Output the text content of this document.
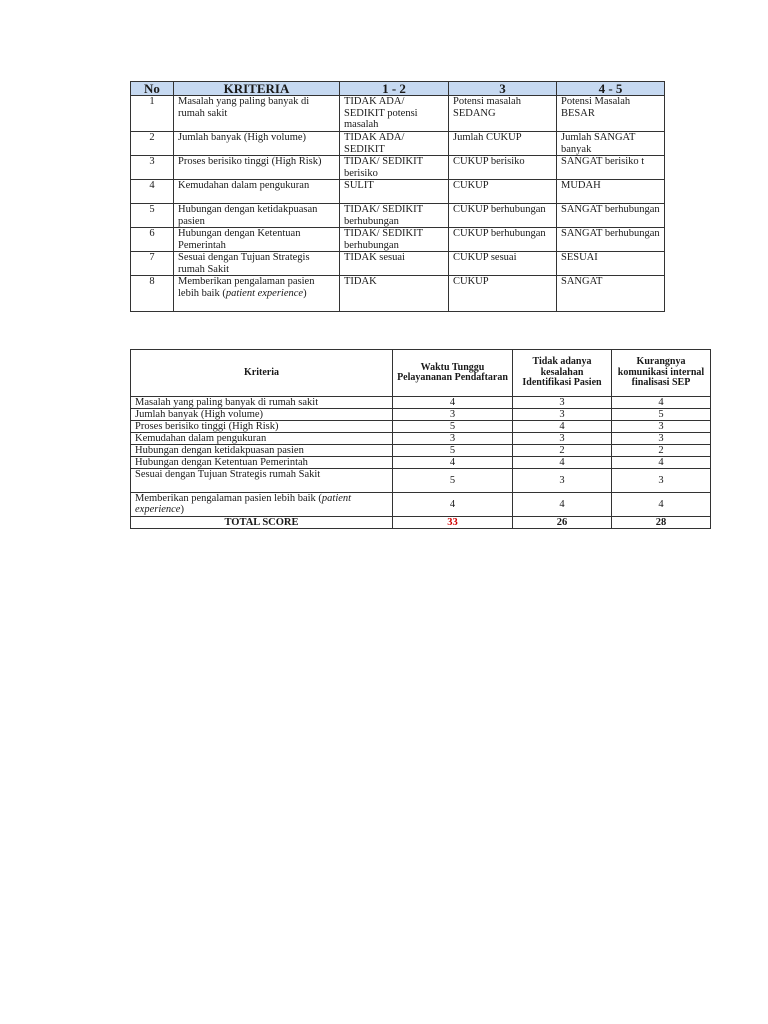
No	KRITERIA	1 - 2	3	4 - 5
1	Masalah yang paling banyak di rumah sakit	TIDAK ADA/ SEDIKIT potensi masalah	Potensi masalah SEDANG	Potensi Masalah BESAR
2	Jumlah banyak (High volume)	TIDAK ADA/ SEDIKIT	Jumlah CUKUP	Jumlah SANGAT banyak
3	Proses berisiko tinggi (High Risk)	TIDAK/ SEDIKIT berisiko	CUKUP berisiko	SANGAT berisiko t
4	Kemudahan dalam pengukuran	SULIT	CUKUP	MUDAH
5	Hubungan dengan ketidakpuasan pasien	TIDAK/ SEDIKIT berhubungan	CUKUP berhubungan	SANGAT berhubungan
6	Hubungan dengan Ketentuan Pemerintah	TIDAK/ SEDIKIT berhubungan	CUKUP berhubungan	SANGAT berhubungan
7	Sesuai dengan Tujuan Strategis rumah Sakit	TIDAK sesuai	CUKUP sesuai	SESUAI
8	Memberikan pengalaman pasien lebih baik (patient experience)	TIDAK	CUKUP	SANGAT
Kriteria	Waktu Tunggu Pelayananan Pendaftaran	Tidak adanya kesalahan Identifikasi Pasien	Kurangnya komunikasi internal finalisasi SEP
Masalah yang paling banyak di rumah sakit	4	3	4
Jumlah banyak (High volume)	3	3	5
Proses berisiko tinggi (High Risk)	5	4	3
Kemudahan dalam pengukuran	3	3	3
Hubungan dengan ketidakpuasan pasien	5	2	2
Hubungan dengan Ketentuan Pemerintah	4	4	4
Sesuai dengan Tujuan Strategis rumah Sakit	5	3	3
Memberikan pengalaman pasien lebih baik (patient experience)	4	4	4
TOTAL SCORE	33	26	28
